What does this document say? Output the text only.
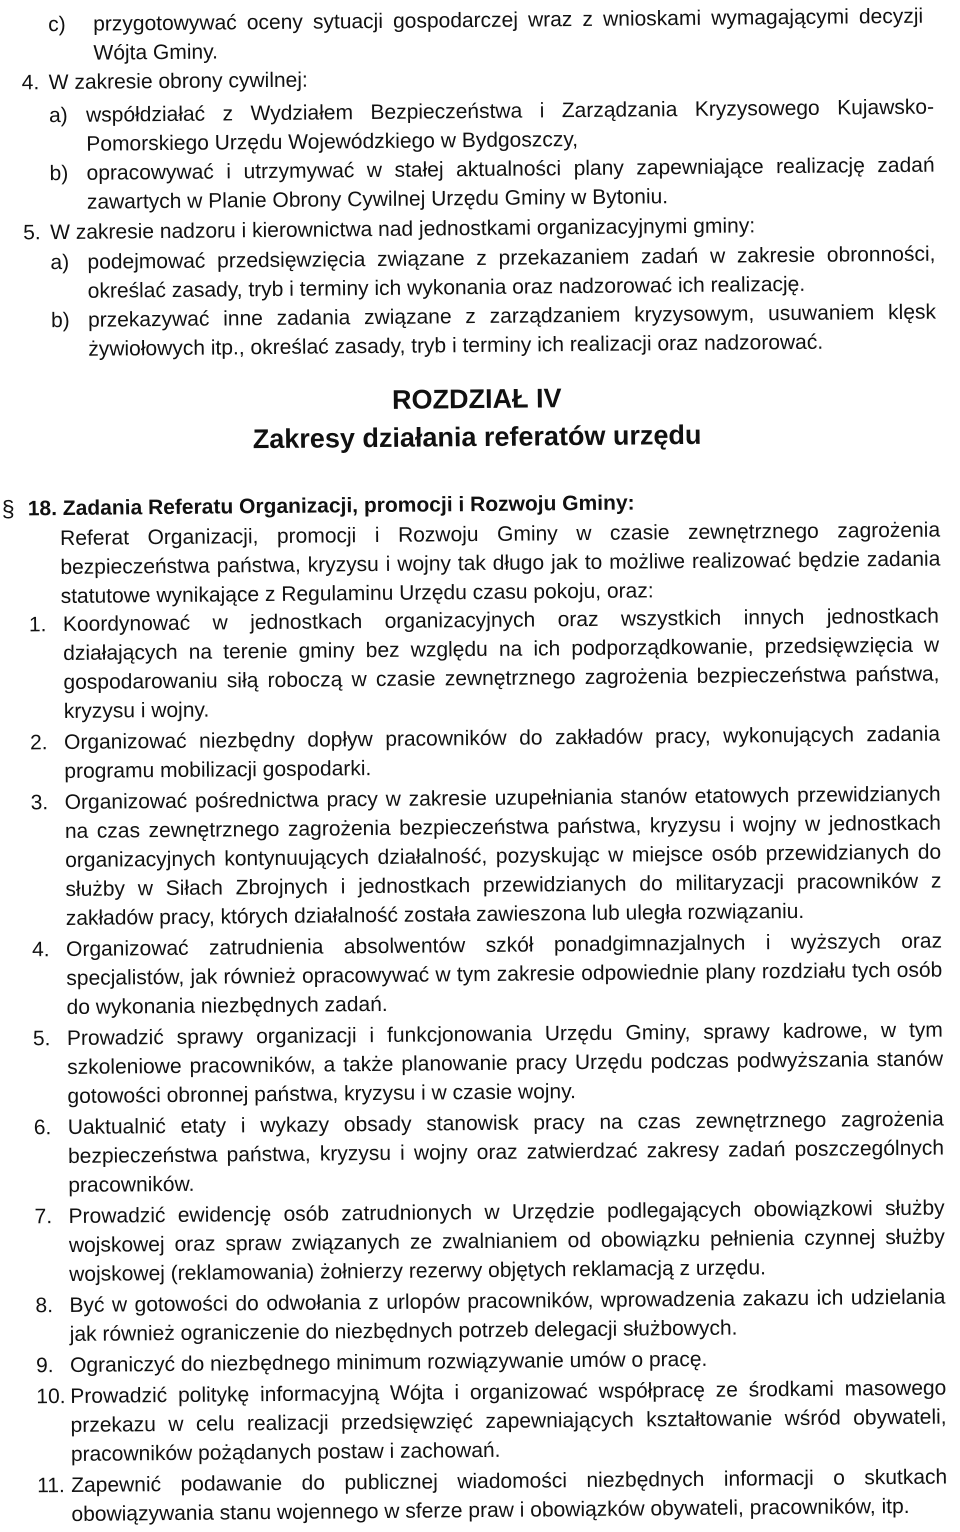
c) przygotowywać oceny sytuacji gospodarczej wraz z wnioskami wymagającymi decyzji Wójta Gminy.
4. W zakresie obrony cywilnej:
a) współdziałać z Wydziałem Bezpieczeństwa i Zarządzania Kryzysowego Kujawsko-Pomorskiego Urzędu Wojewódzkiego w Bydgoszczy,
b) opracowywać i utrzymywać w stałej aktualności plany zapewniające realizację zadań zawartych w Planie Obrony Cywilnej Urzędu Gminy w Bytoniu.
5. W zakresie nadzoru i kierownictwa nad jednostkami organizacyjnymi gminy:
a) podejmować przedsięwzięcia związane z przekazaniem zadań w zakresie obronności, określać zasady, tryb i terminy ich wykonania oraz nadzorować ich realizację.
b) przekazywać inne zadania związane z zarządzaniem kryzysowym, usuwaniem klęsk żywiołowych itp., określać zasady, tryb i terminy ich realizacji oraz nadzorować.
ROZDZIAŁ IV
Zakresy działania referatów urzędu
§ 18. Zadania Referatu Organizacji, promocji i Rozwoju Gminy:
Referat Organizacji, promocji i Rozwoju Gminy w czasie zewnętrznego zagrożenia bezpieczeństwa państwa, kryzysu i wojny tak długo jak to możliwe realizować będzie zadania statutowe wynikające z Regulaminu Urzędu czasu pokoju, oraz:
1. Koordynować w jednostkach organizacyjnych oraz wszystkich innych jednostkach działających na terenie gminy bez względu na ich podporządkowanie, przedsięwzięcia w gospodarowaniu siłą roboczą w czasie zewnętrznego zagrożenia bezpieczeństwa państwa, kryzysu i wojny.
2. Organizować niezbędny dopływ pracowników do zakładów pracy, wykonujących zadania programu mobilizacji gospodarki.
3. Organizować pośrednictwa pracy w zakresie uzupełniania stanów etatowych przewidzianych na czas zewnętrznego zagrożenia bezpieczeństwa państwa, kryzysu i wojny w jednostkach organizacyjnych kontynuujących działalność, pozyskując w miejsce osób przewidzianych do służby w Siłach Zbrojnych i jednostkach przewidzianych do militaryzacji pracowników z zakładów pracy, których działalność została zawieszona lub uległa rozwiązaniu.
4. Organizować zatrudnienia absolwentów szkół ponadgimnazjalnych i wyższych oraz specjalistów, jak również opracowywać w tym zakresie odpowiednie plany rozdziału tych osób do wykonania niezbędnych zadań.
5. Prowadzić sprawy organizacji i funkcjonowania Urzędu Gminy, sprawy kadrowe, w tym szkoleniowe pracowników, a także planowanie pracy Urzędu podczas podwyższania stanów gotowości obronnej państwa, kryzysu i w czasie wojny.
6. Uaktualnić etaty i wykazy obsady stanowisk pracy na czas zewnętrznego zagrożenia bezpieczeństwa państwa, kryzysu i wojny oraz zatwierdzać zakresy zadań poszczególnych pracowników.
7. Prowadzić ewidencję osób zatrudnionych w Urzędzie podlegających obowiązkowi służby wojskowej oraz spraw związanych ze zwalnianiem od obowiązku pełnienia czynnej służby wojskowej (reklamowania) żołnierzy rezerwy objętych reklamacją z urzędu.
8. Być w gotowości do odwołania z urlopów pracowników, wprowadzenia zakazu ich udzielania jak również ograniczenie do niezbędnych potrzeb delegacji służbowych.
9. Ograniczyć do niezbędnego minimum rozwiązywanie umów o pracę.
10. Prowadzić politykę informacyjną Wójta i organizować współpracę ze środkami masowego przekazu w celu realizacji przedsięwzięć zapewniających kształtowanie wśród obywateli, pracowników pożądanych postaw i zachowań.
11. Zapewnić podawanie do publicznej wiadomości niezbędnych informacji o skutkach obowiązywania stanu wojennego w sferze praw i obowiązków obywateli, pracowników, itp.
